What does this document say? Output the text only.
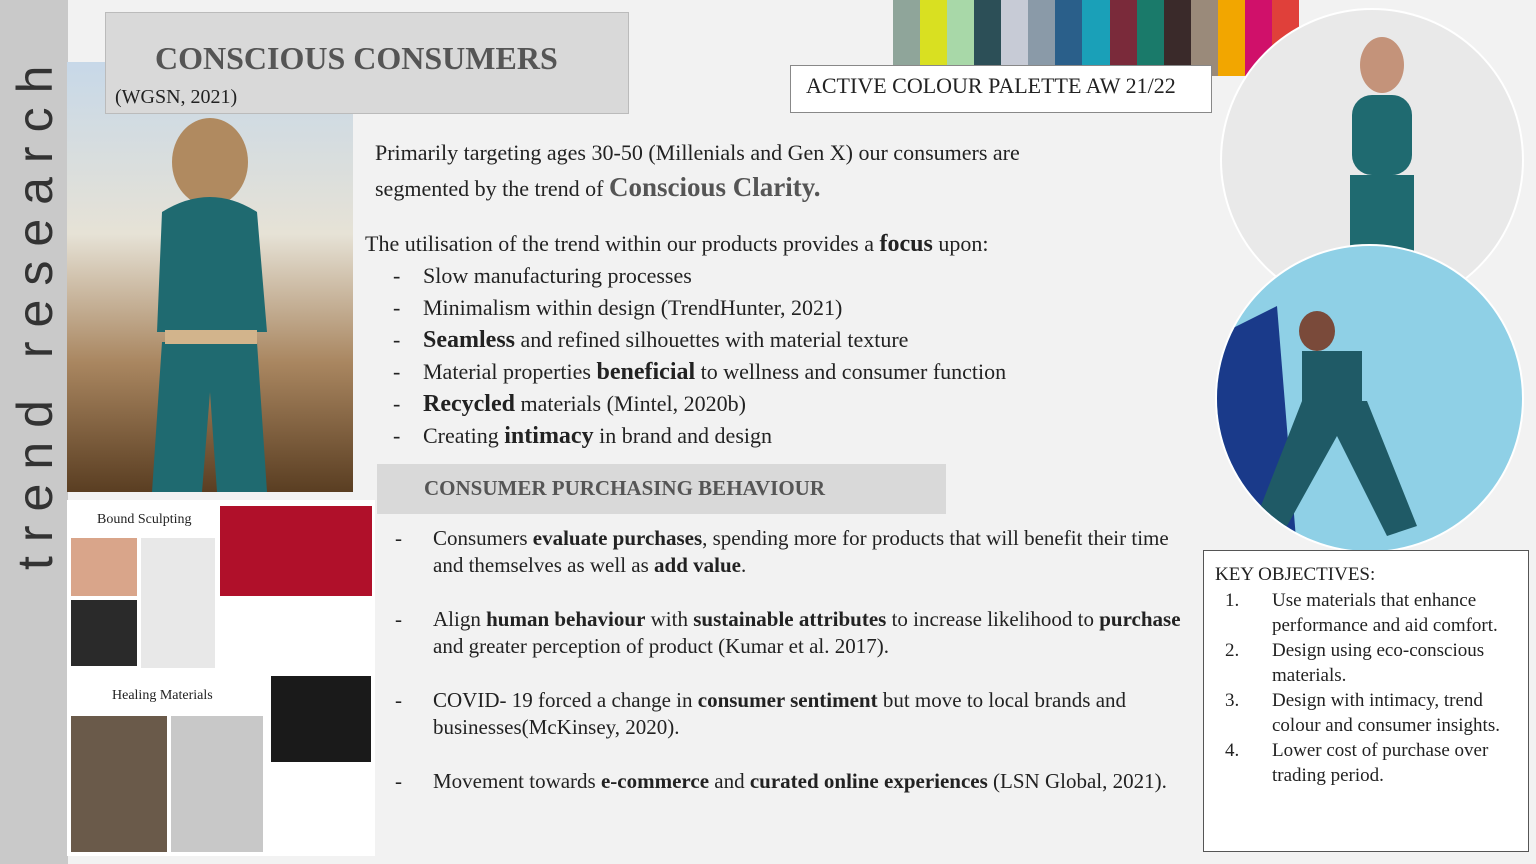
trend research	ACTIVE COLOUR PALETTE AW 21/22
CONSCIOUS CONSUMERS
(WGSN, 2021)
Primarily targeting ages 30-50 (Millenials and Gen X) our consumers are
segmented by the trend of Conscious Clarity.
The utilisation of the trend within our products provides a focus upon:
- Slow manufacturing processes
- Minimalism within design (TrendHunter, 2021)
- Seamless and refined silhouettes with material texture
- Material properties beneficial to wellness and consumer function
- Recycled materials (Mintel, 2020b)
- Creating intimacy in brand and design
CONSUMER PURCHASING BEHAVIOUR
- Consumers evaluate purchases, spending more for products that will benefit their time and themselves as well as add value.
- Align human behaviour with sustainable attributes to increase likelihood to purchase and greater perception of product (Kumar et al. 2017).
- COVID- 19 forced a change in consumer sentiment but move to local brands and businesses(McKinsey, 2020).
- Movement towards e-commerce and curated online experiences (LSN Global, 2021).
Bound Sculpting
Healing Materials
KEY OBJECTIVES:
1.	Use materials that enhance performance and aid comfort.
2.	Design using eco-conscious materials.
3.	Design with intimacy, trend colour and consumer insights.
4.	Lower cost of purchase over trading period.
